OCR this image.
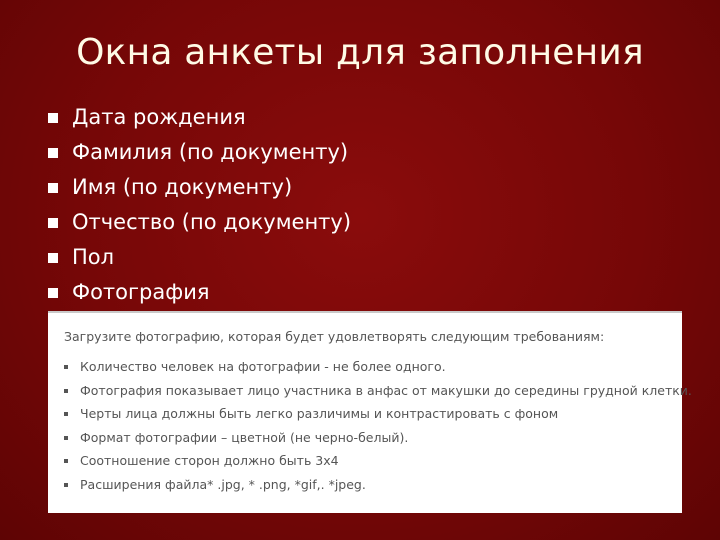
Окна анкеты для заполнения
Дата рождения
Фамилия (по документу)
Имя (по документу)
Отчество (по документу)
Пол
Фотография
Загрузите фотографию, которая будет удовлетворять следующим требованиям:
Количество человек на фотографии - не более одного.
Фотография показывает лицо участника в анфас от макушки до середины грудной клетки.
Черты лица должны быть легко различимы и контрастировать с фоном
Формат фотографии – цветной (не черно-белый).
Соотношение сторон должно быть 3x4
Расширения файла* .jpg, * .png, *gif,. *jpeg.
